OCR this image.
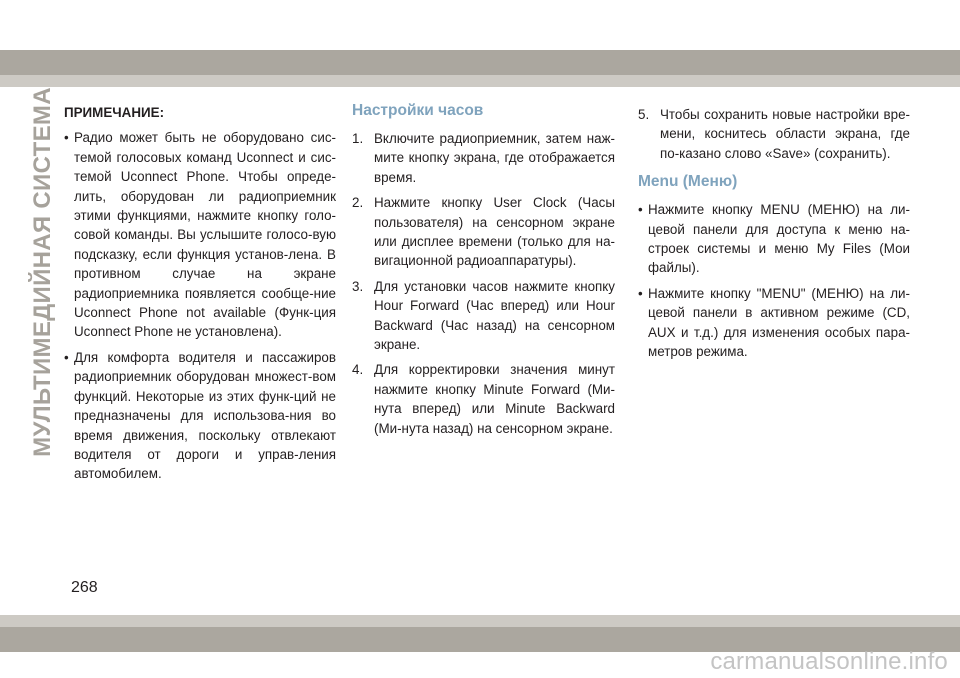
МУЛЬТИМЕДИЙНАЯ СИСТЕМА ПРИМЕЧАНИЕ:
• Радио может быть не оборудовано сис-темой голосовых команд Uconnect и сис-темой Uconnect Phone. Чтобы опреде-лить, оборудован ли радиоприемник этими функциями, нажмите кнопку голо-совой команды. Вы услышите голосо-вую подсказку, если функция установ-лена. В противном случае на экране радиоприемника появляется сообще-ние Uconnect Phone not available (Функ-ция Uconnect Phone не установлена).
• Для комфорта водителя и пассажиров радиоприемник оборудован множест-вом функций. Некоторые из этих функ-ций не предназначены для использова-ния во время движения, поскольку отвлекают водителя от дороги и управ-ления автомобилем.
Настройки часов
1. Включите радиоприемник, затем наж-мите кнопку экрана, где отображается время.
2. Нажмите кнопку User Clock (Часы пользователя) на сенсорном экране или дисплее времени (только для на-вигационной радиоаппаратуры).
3. Для установки часов нажмите кнопку Hour Forward (Час вперед) или Hour Backward (Час назад) на сенсорном экране.
4. Для корректировки значения минут нажмите кнопку Minute Forward (Ми-нута вперед) или Minute Backward (Ми-нута назад) на сенсорном экране.
5. Чтобы сохранить новые настройки вре-мени, коснитесь области экрана, где по-казано слово «Save» (сохранить).
Menu (Меню)
• Нажмите кнопку MENU (МЕНЮ) на ли-цевой панели для доступа к меню на-строек системы и меню My Files (Мои файлы).
• Нажмите кнопку "MENU" (МЕНЮ) на ли-цевой панели в активном режиме (CD, AUX и т.д.) для изменения особых пара-метров режима.
268
carmanualsonline.info
